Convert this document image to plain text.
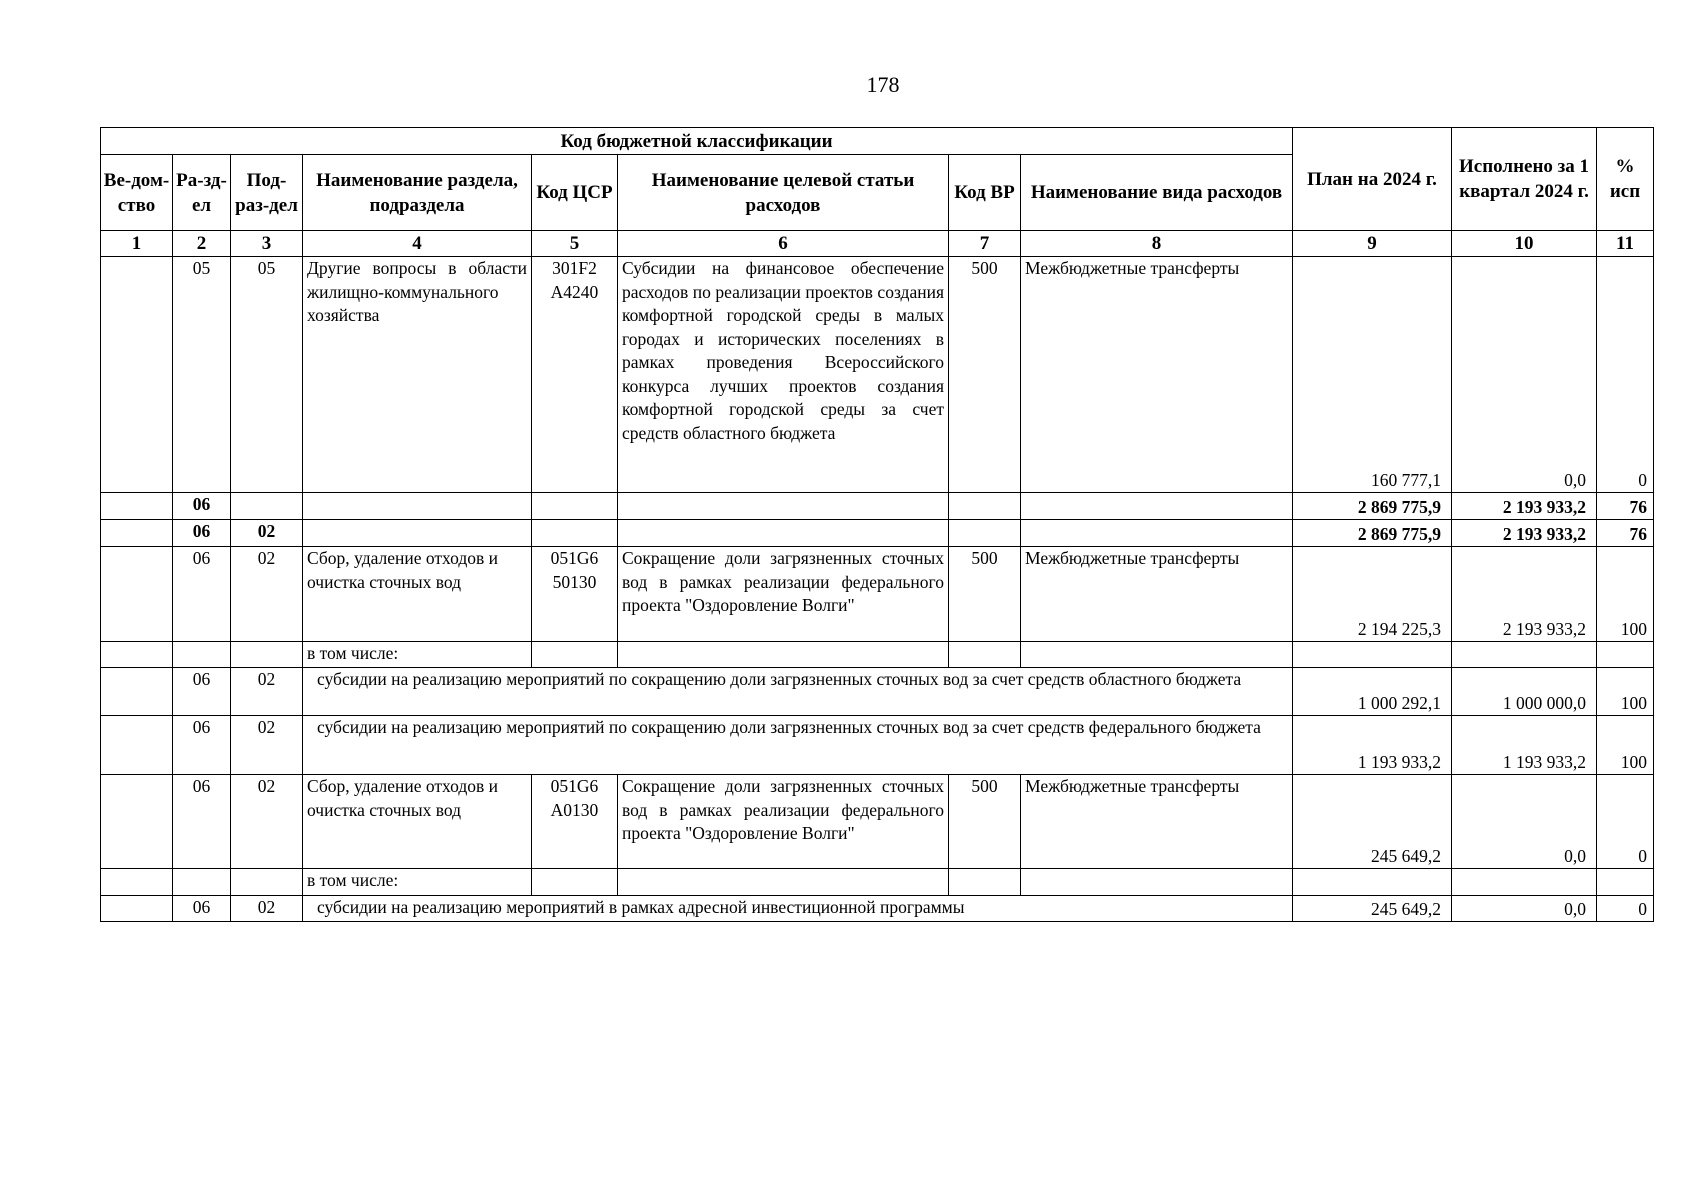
178
Код бюджетной классификации								План на 2024 г.	Исполнено за 1 квартал 2024 г.	% исп
Ве-дом-ство	Ра-зд-ел	Под-раз-дел	Наименование раздела, подраздела	Код ЦСР	Наименование целевой статьи расходов	Код ВР	Наименование вида расходов			
1	2	3	4	5	6	7	8	9	10	11
	05	05	Другие вопросы в области жилищно-коммунального хозяйства	301F2 А4240	Субсидии на финансовое обеспечение расходов по реализации проектов создания комфортной городской среды в малых городах и исторических поселениях в рамках проведения Всероссийского конкурса лучших проектов создания комфортной городской среды за счет средств областного бюджета	500	Межбюджетные трансферты	160 777,1	0,0	0
	06							2 869 775,9	2 193 933,2	76
	06	02						2 869 775,9	2 193 933,2	76
	06	02	Сбор, удаление отходов и очистка сточных вод	051G6 50130	Сокращение доли загрязненных сточных вод в рамках реализации федерального проекта "Оздоровление Волги"	500	Межбюджетные трансферты	2 194 225,3	2 193 933,2	100
			в том числе:							
	06	02	субсидии на реализацию мероприятий по сокращению доли загрязненных сточных вод за счет средств областного бюджета					1 000 292,1	1 000 000,0	100
	06	02	субсидии на реализацию мероприятий по сокращению доли загрязненных сточных вод за счет средств федерального бюджета					1 193 933,2	1 193 933,2	100
	06	02	Сбор, удаление отходов и очистка сточных вод	051G6 А0130	Сокращение доли загрязненных сточных вод в рамках реализации федерального проекта "Оздоровление Волги"	500	Межбюджетные трансферты	245 649,2	0,0	0
			в том числе:							
	06	02	субсидии на реализацию мероприятий в рамках адресной инвестиционной программы					245 649,2	0,0	0
